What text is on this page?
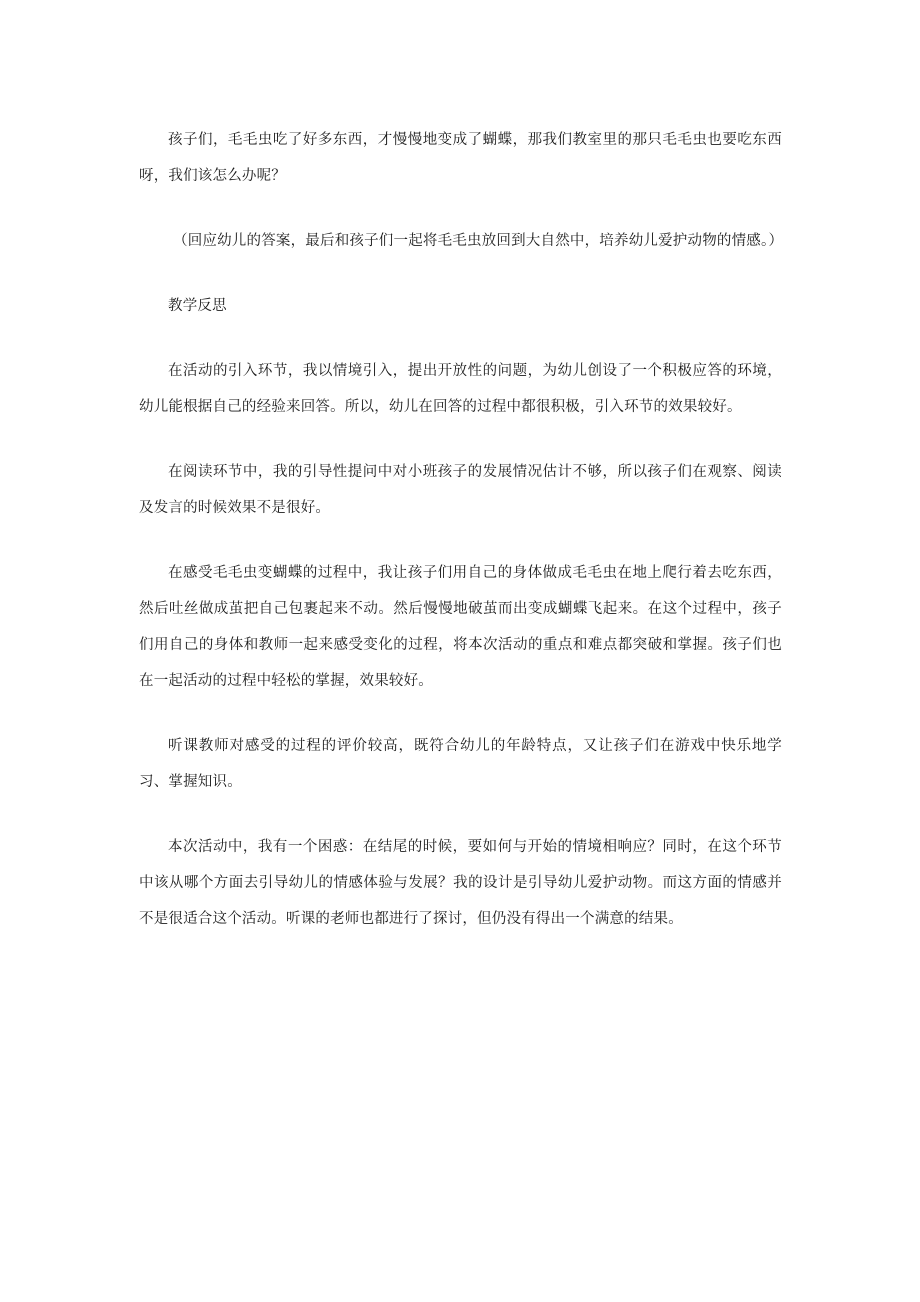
孩子们，毛毛虫吃了好多东西，才慢慢地变成了蝴蝶，那我们教室里的那只毛毛虫也要吃东西呀，我们该怎么办呢？

（回应幼儿的答案，最后和孩子们一起将毛毛虫放回到大自然中，培养幼儿爱护动物的情感。）

教学反思

在活动的引入环节，我以情境引入，提出开放性的问题，为幼儿创设了一个积极应答的环境，幼儿能根据自己的经验来回答。所以，幼儿在回答的过程中都很积极，引入环节的效果较好。

在阅读环节中，我的引导性提问中对小班孩子的发展情况估计不够，所以孩子们在观察、阅读及发言的时候效果不是很好。

在感受毛毛虫变蝴蝶的过程中，我让孩子们用自己的身体做成毛毛虫在地上爬行着去吃东西，然后吐丝做成茧把自己包裹起来不动。然后慢慢地破茧而出变成蝴蝶飞起来。在这个过程中，孩子们用自己的身体和教师一起来感受变化的过程，将本次活动的重点和难点都突破和掌握。孩子们也在一起活动的过程中轻松的掌握，效果较好。

听课教师对感受的过程的评价较高，既符合幼儿的年龄特点，又让孩子们在游戏中快乐地学习、掌握知识。

本次活动中，我有一个困惑：在结尾的时候，要如何与开始的情境相响应？同时，在这个环节中该从哪个方面去引导幼儿的情感体验与发展？我的设计是引导幼儿爱护动物。而这方面的情感并不是很适合这个活动。听课的老师也都进行了探讨，但仍没有得出一个满意的结果。
